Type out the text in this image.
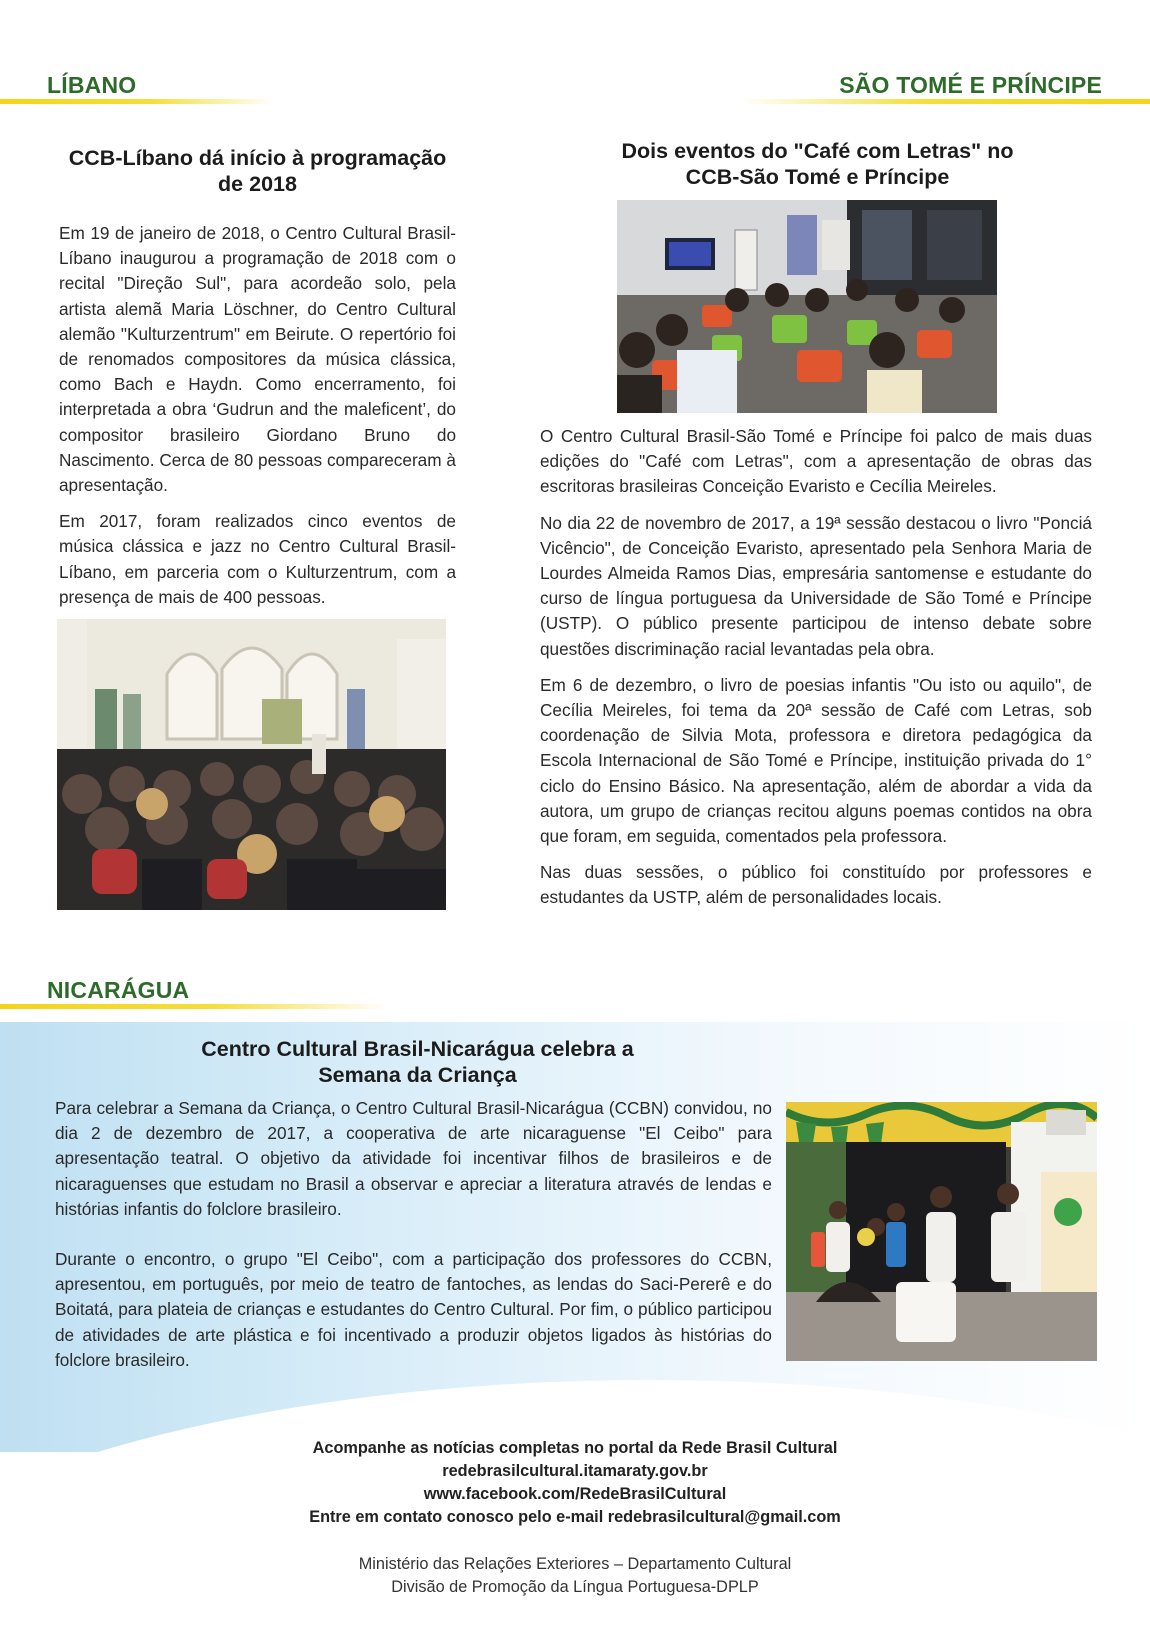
LÍBANO
CCB-Líbano dá início à programação
de 2018

Em 19 de janeiro de 2018, o Centro Cultural Brasil-Líbano inaugurou a programação de 2018 com o recital "Direção Sul", para acordeão solo, pela artista alemã Maria Löschner, do Centro Cultural alemão "Kulturzentrum" em Beirute. O repertório foi de renomados compositores da música clássica, como Bach e Haydn. Como encerramento, foi interpretada a obra ‘Gudrun and the maleficent’, do compositor brasileiro Giordano Bruno do Nascimento. Cerca de 80 pessoas compareceram à apresentação.

Em 2017, foram realizados cinco eventos de música clássica e jazz no Centro Cultural Brasil-Líbano, em parceria com o Kulturzentrum, com a presença de mais de 400 pessoas.

SÃO TOMÉ E PRÍNCIPE
Dois eventos do "Café com Letras" no
CCB-São Tomé e Príncipe

O Centro Cultural Brasil-São Tomé e Príncipe foi palco de mais duas edições do "Café com Letras", com a apresentação de obras das escritoras brasileiras Conceição Evaristo e Cecília Meireles.

No dia 22 de novembro de 2017, a 19ª sessão destacou o livro "Ponciá Vicêncio", de Conceição Evaristo, apresentado pela Senhora Maria de Lourdes Almeida Ramos Dias, empresária santomense e estudante do curso de língua portuguesa da Universidade de São Tomé e Príncipe (USTP). O público presente participou de intenso debate sobre questões discriminação racial levantadas pela obra.

Em 6 de dezembro, o livro de poesias infantis "Ou isto ou aquilo", de Cecília Meireles, foi tema da 20ª sessão de Café com Letras, sob coordenação de Silvia Mota, professora e diretora pedagógica da Escola Internacional de São Tomé e Príncipe, instituição privada do 1° ciclo do Ensino Básico. Na apresentação, além de abordar a vida da autora, um grupo de crianças recitou alguns poemas contidos na obra que foram, em seguida, comentados pela professora.

Nas duas sessões, o público foi constituído por professores e estudantes da USTP, além de personalidades locais.

NICARÁGUA
Centro Cultural Brasil-Nicarágua celebra a
Semana da Criança

Para celebrar a Semana da Criança, o Centro Cultural Brasil-Nicarágua (CCBN) convidou, no dia 2 de dezembro de 2017, a cooperativa de arte nicaraguense "El Ceibo" para apresentação teatral. O objetivo da atividade foi incentivar filhos de brasileiros e de nicaraguenses que estudam no Brasil a observar e apreciar a literatura através de lendas e histórias infantis do folclore brasileiro.

Durante o encontro, o grupo "El Ceibo", com a participação dos professores do CCBN, apresentou, em português, por meio de teatro de fantoches, as lendas do Saci-Pererê e do Boitatá, para plateia de crianças e estudantes do Centro Cultural. Por fim, o público participou de atividades de arte plástica e foi incentivado a produzir objetos ligados às histórias do folclore brasileiro.

Acompanhe as notícias completas no portal da Rede Brasil Cultural
redebrasilcultural.itamaraty.gov.br
www.facebook.com/RedeBrasilCultural
Entre em contato conosco pelo e-mail redebrasilcultural@gmail.com
Ministério das Relações Exteriores – Departamento Cultural
Divisão de Promoção da Língua Portuguesa-DPLP
